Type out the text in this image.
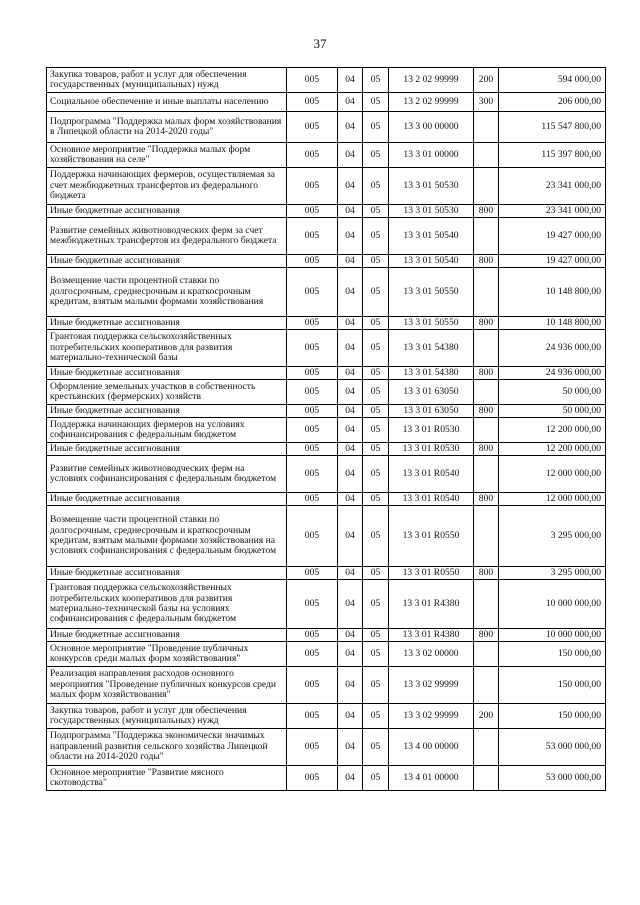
37
Закупка товаров, работ и услуг для обеспечения государственных (муниципальных) нужд	005	04	05	13 2 02 99999	200	594 000,00
Социальное обеспечение и иные выплаты населению	005	04	05	13 2 02 99999	300	206 000,00
Подпрограмма "Поддержка малых форм хозяйствования в Липецкой области на 2014-2020 годы"	005	04	05	13 3 00 00000		115 547 800,00
Основное мероприятие "Поддержка малых форм хозяйствования на селе"	005	04	05	13 3 01 00000		115 397 800,00
Поддержка начинающих фермеров, осуществляемая за счет межбюджетных трансфертов из федерального бюджета	005	04	05	13 3 01 50530		23 341 000,00
Иные бюджетные ассигнования	005	04	05	13 3 01 50530	800	23 341 000,00
Развитие семейных животноводческих ферм за счет межбюджетных трансфертов из федерального бюджета	005	04	05	13 3 01 50540		19 427 000,00
Иные бюджетные ассигнования	005	04	05	13 3 01 50540	800	19 427 000,00
Возмещение части процентной ставки по долгосрочным, среднесрочным и краткосрочным кредитам, взятым малыми формами хозяйствования	005	04	05	13 3 01 50550		10 148 800,00
Иные бюджетные ассигнования	005	04	05	13 3 01 50550	800	10 148 800,00
Грантовая поддержка сельскохозяйственных потребительских кооперативов для развития материально-технической базы	005	04	05	13 3 01 54380		24 936 000,00
Иные бюджетные ассигнования	005	04	05	13 3 01 54380	800	24 936 000,00
Оформление земельных участков в собственность крестьянских (фермерских) хозяйств	005	04	05	13 3 01 63050		50 000,00
Иные бюджетные ассигнования	005	04	05	13 3 01 63050	800	50 000,00
Поддержка начинающих фермеров на условиях софинансирования с федеральным бюджетом	005	04	05	13 3 01 R0530		12 200 000,00
Иные бюджетные ассигнования	005	04	05	13 3 01 R0530	800	12 200 000,00
Развитие семейных животноводческих ферм на условиях софинансирования с федеральным бюджетом	005	04	05	13 3 01 R0540		12 000 000,00
Иные бюджетные ассигнования	005	04	05	13 3 01 R0540	800	12 000 000,00
Возмещение части процентной ставки по долгосрочным, среднесрочным и краткосрочным кредитам, взятым малыми формами хозяйствования на условиях софинансирования с федеральным бюджетом	005	04	05	13 3 01 R0550		3 295 000,00
Иные бюджетные ассигнования	005	04	05	13 3 01 R0550	800	3 295 000,00
Грантовая поддержка сельскохозяйственных потребительских кооперативов для развития материально-технической базы на условиях софинансирования с федеральным бюджетом	005	04	05	13 3 01 R4380		10 000 000,00
Иные бюджетные ассигнования	005	04	05	13 3 01 R4380	800	10 000 000,00
Основное мероприятие "Проведение публичных конкурсов среди малых форм хозяйствования"	005	04	05	13 3 02 00000		150 000,00
Реализация направления расходов основного мероприятия "Проведение публичных конкурсов среди малых форм хозяйствования"	005	04	05	13 3 02 99999		150 000,00
Закупка товаров, работ и услуг для обеспечения государственных (муниципальных) нужд	005	04	05	13 3 02 99999	200	150 000,00
Подпрограмма "Поддержка экономически значимых направлений развития сельского хозяйства Липецкой области на 2014-2020 годы"	005	04	05	13 4 00 00000		53 000 000,00
Основное мероприятие "Развитие мясного скотоводства"	005	04	05	13 4 01 00000		53 000 000,00
